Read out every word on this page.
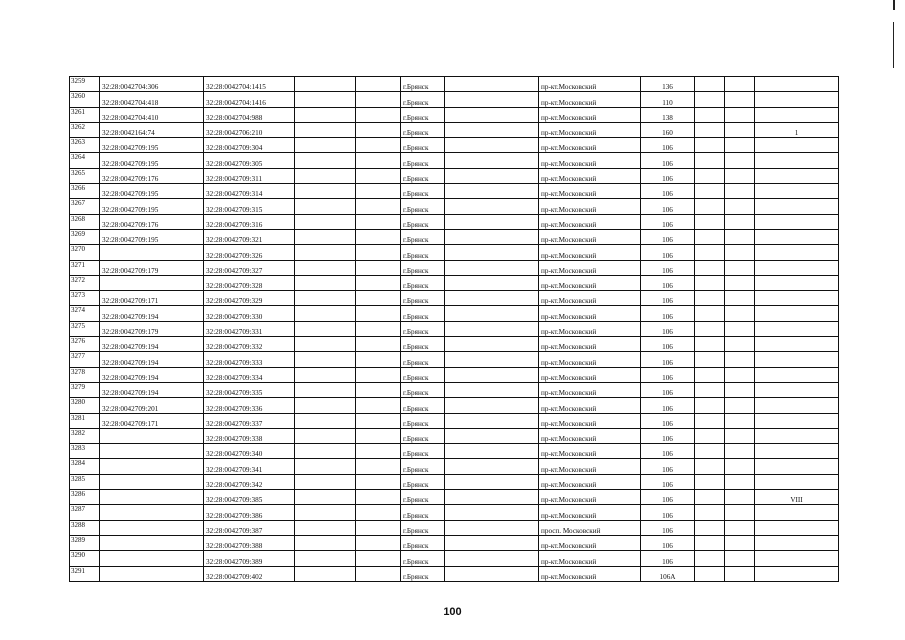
3259	32:28:0042704:306	32:28:0042704:1415			г.Брянск		пр-кт.Московский	136			
3260	32:28:0042704:418	32:28:0042704:1416			г.Брянск		пр-кт.Московский	110			
3261	32:28:0042704:410	32:28:0042704:988			г.Брянск		пр-кт.Московский	138			
3262	32:28:0042164:74	32:28:0042706:210			г.Брянск		пр-кт.Московский	160			1
3263	32:28:0042709:195	32:28:0042709:304			г.Брянск		пр-кт.Московский	106			
3264	32:28:0042709:195	32:28:0042709:305			г.Брянск		пр-кт.Московский	106			
3265	32:28:0042709:176	32:28:0042709:311			г.Брянск		пр-кт.Московский	106			
3266	32:28:0042709:195	32:28:0042709:314			г.Брянск		пр-кт.Московский	106			
3267	32:28:0042709:195	32:28:0042709:315			г.Брянск		пр-кт.Московский	106			
3268	32:28:0042709:176	32:28:0042709:316			г.Брянск		пр-кт.Московский	106			
3269	32:28:0042709:195	32:28:0042709:321			г.Брянск		пр-кт.Московский	106			
3270		32:28:0042709:326			г.Брянск		пр-кт.Московский	106			
3271	32:28:0042709:179	32:28:0042709:327			г.Брянск		пр-кт.Московский	106			
3272		32:28:0042709:328			г.Брянск		пр-кт.Московский	106			
3273	32:28:0042709:171	32:28:0042709:329			г.Брянск		пр-кт.Московский	106			
3274	32:28:0042709:194	32:28:0042709:330			г.Брянск		пр-кт.Московский	106			
3275	32:28:0042709:179	32:28:0042709:331			г.Брянск		пр-кт.Московский	106			
3276	32:28:0042709:194	32:28:0042709:332			г.Брянск		пр-кт.Московский	106			
3277	32:28:0042709:194	32:28:0042709:333			г.Брянск		пр-кт.Московский	106			
3278	32:28:0042709:194	32:28:0042709:334			г.Брянск		пр-кт.Московский	106			
3279	32:28:0042709:194	32:28:0042709:335			г.Брянск		пр-кт.Московский	106			
3280	32:28:0042709:201	32:28:0042709:336			г.Брянск		пр-кт.Московский	106			
3281	32:28:0042709:171	32:28:0042709:337			г.Брянск		пр-кт.Московский	106			
3282		32:28:0042709:338			г.Брянск		пр-кт.Московский	106			
3283		32:28:0042709:340			г.Брянск		пр-кт.Московский	106			
3284		32:28:0042709:341			г.Брянск		пр-кт.Московский	106			
3285		32:28:0042709:342			г.Брянск		пр-кт.Московский	106			
3286		32:28:0042709:385			г.Брянск		пр-кт.Московский	106			VIII
3287		32:28:0042709:386			г.Брянск		пр-кт.Московский	106			
3288		32:28:0042709:387			г.Брянск		просп. Московский	106			
3289		32:28:0042709:388			г.Брянск		пр-кт.Московский	106			
3290		32:28:0042709:389			г.Брянск		пр-кт.Московский	106			
3291		32:28:0042709:402			г.Брянск		пр-кт.Московский	106А			
100
